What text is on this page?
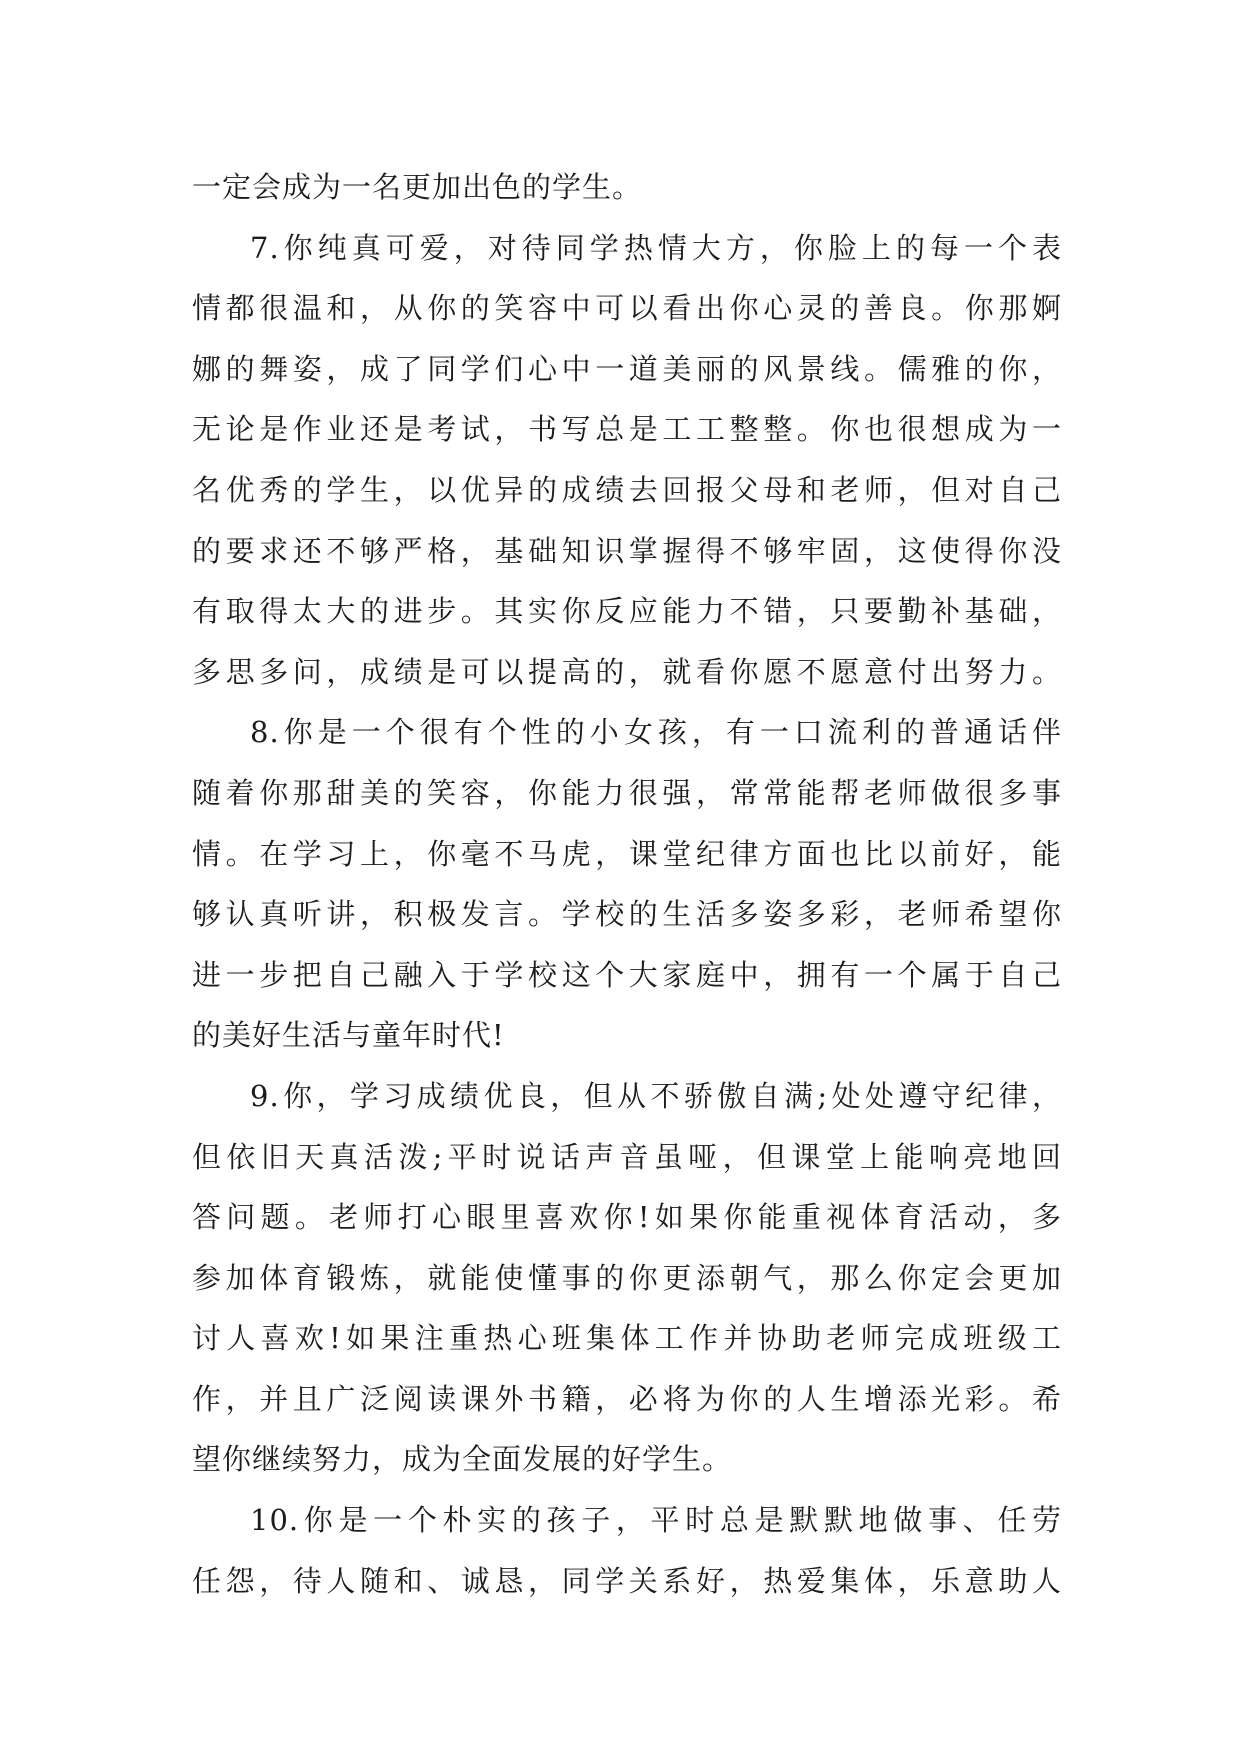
一定会成为一名更加出色的学生。
7.你纯真可爱，对待同学热情大方，你脸上的每一个表
情都很温和，从你的笑容中可以看出你心灵的善良。你那婀
娜的舞姿，成了同学们心中一道美丽的风景线。儒雅的你，
无论是作业还是考试，书写总是工工整整。你也很想成为一
名优秀的学生，以优异的成绩去回报父母和老师，但对自己
的要求还不够严格，基础知识掌握得不够牢固，这使得你没
有取得太大的进步。其实你反应能力不错，只要勤补基础，
多思多问，成绩是可以提高的，就看你愿不愿意付出努力。
8.你是一个很有个性的小女孩，有一口流利的普通话伴
随着你那甜美的笑容，你能力很强，常常能帮老师做很多事
情。在学习上，你毫不马虎，课堂纪律方面也比以前好，能
够认真听讲，积极发言。学校的生活多姿多彩，老师希望你
进一步把自己融入于学校这个大家庭中，拥有一个属于自己
的美好生活与童年时代!
9.你，学习成绩优良，但从不骄傲自满;处处遵守纪律，
但依旧天真活泼;平时说话声音虽哑，但课堂上能响亮地回
答问题。老师打心眼里喜欢你!如果你能重视体育活动，多
参加体育锻炼，就能使懂事的你更添朝气，那么你定会更加
讨人喜欢!如果注重热心班集体工作并协助老师完成班级工
作，并且广泛阅读课外书籍，必将为你的人生增添光彩。希
望你继续努力，成为全面发展的好学生。
10.你是一个朴实的孩子，平时总是默默地做事、任劳
任怨，待人随和、诚恳，同学关系好，热爱集体，乐意助人
